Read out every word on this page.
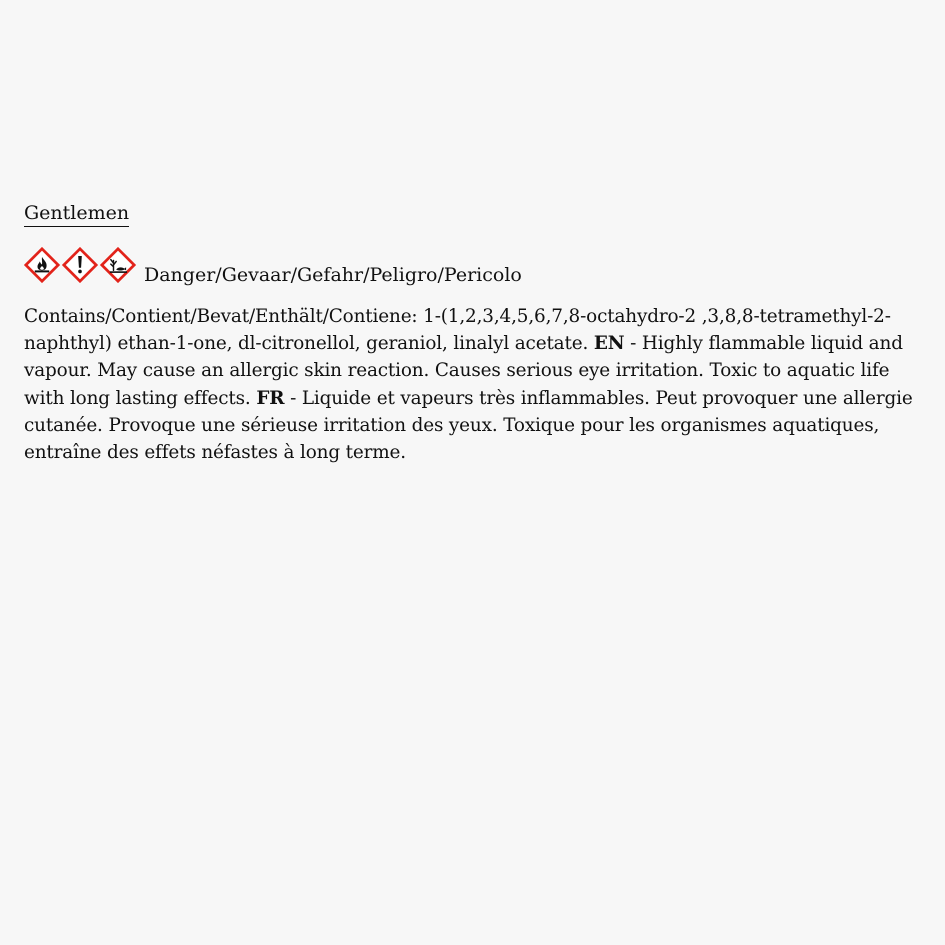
Gentlemen
Danger/Gevaar/Gefahr/Peligro/Pericolo

Contains/Contient/Bevat/Enthält/Contiene: 1-(1,2,3,4,5,6,7,8-octahydro-2 ,3,8,8-tetramethyl-2-naphthyl) ethan-1-one, dl-citronellol, geraniol, linalyl acetate. EN - Highly flammable liquid and vapour. May cause an allergic skin reaction. Causes serious eye irritation. Toxic to aquatic life with long lasting effects. FR - Liquide et vapeurs très inflammables. Peut provoquer une allergie cutanée. Provoque une sérieuse irritation des yeux. Toxique pour les organismes aquatiques, entraîne des effets néfastes à long terme.
